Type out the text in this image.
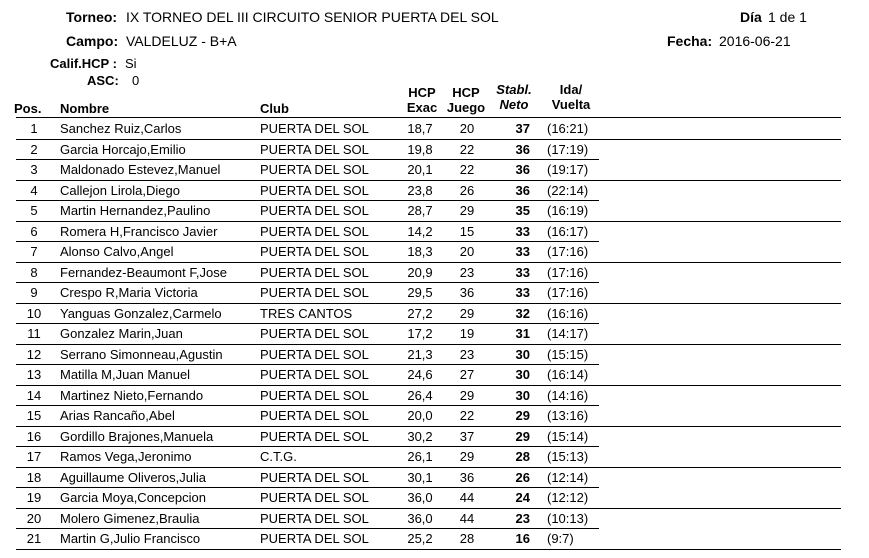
Torneo: IX TORNEO DEL III CIRCUITO SENIOR PUERTA DEL SOL
Campo: VALDELUZ - B+A
Día 1 de 1
Fecha: 2016-06-21
Calif.HCP : Si
ASC: 0
Pos. Nombre	Club
HCP
Exac
HCP
Juego
Stabl.
Neto
Ida/
Vuelta
1	Sanchez Ruiz,Carlos	PUERTA DEL SOL	18,7	20	37 (16:21)
2	Garcia Horcajo,Emilio	PUERTA DEL SOL	19,8	22	36 (17:19)
3	Maldonado Estevez,Manuel	PUERTA DEL SOL	20,1	22	36 (19:17)
4	Callejon Lirola,Diego	PUERTA DEL SOL	23,8	26	36 (22:14)
5	Martin Hernandez,Paulino	PUERTA DEL SOL	28,7	29	35 (16:19)
6	Romera H,Francisco Javier	PUERTA DEL SOL	14,2	15	33 (16:17)
7	Alonso Calvo,Angel	PUERTA DEL SOL	18,3	20	33 (17:16)
8	Fernandez-Beaumont F,Jose	PUERTA DEL SOL	20,9	23	33 (17:16)
9	Crespo R,Maria Victoria	PUERTA DEL SOL	29,5	36	33 (17:16)
10	Yanguas Gonzalez,Carmelo	TRES CANTOS	27,2	29	32 (16:16)
11	Gonzalez Marin,Juan	PUERTA DEL SOL	17,2	19	31 (14:17)
12	Serrano Simonneau,Agustin	PUERTA DEL SOL	21,3	23	30 (15:15)
13	Matilla M,Juan Manuel	PUERTA DEL SOL	24,6	27	30 (16:14)
14	Martinez Nieto,Fernando	PUERTA DEL SOL	26,4	29	30 (14:16)
15	Arias Rancaño,Abel	PUERTA DEL SOL	20,0	22	29 (13:16)
16	Gordillo Brajones,Manuela	PUERTA DEL SOL	30,2	37	29 (15:14)
17	Ramos Vega,Jeronimo	C.T.G.	26,1	29	28 (15:13)
18	Aguillaume Oliveros,Julia	PUERTA DEL SOL	30,1	36	26 (12:14)
19	Garcia Moya,Concepcion	PUERTA DEL SOL	36,0	44	24 (12:12)
20	Molero Gimenez,Braulia	PUERTA DEL SOL	36,0	44	23 (10:13)
21	Martin G,Julio Francisco	PUERTA DEL SOL	25,2	28	16 (9:7)
